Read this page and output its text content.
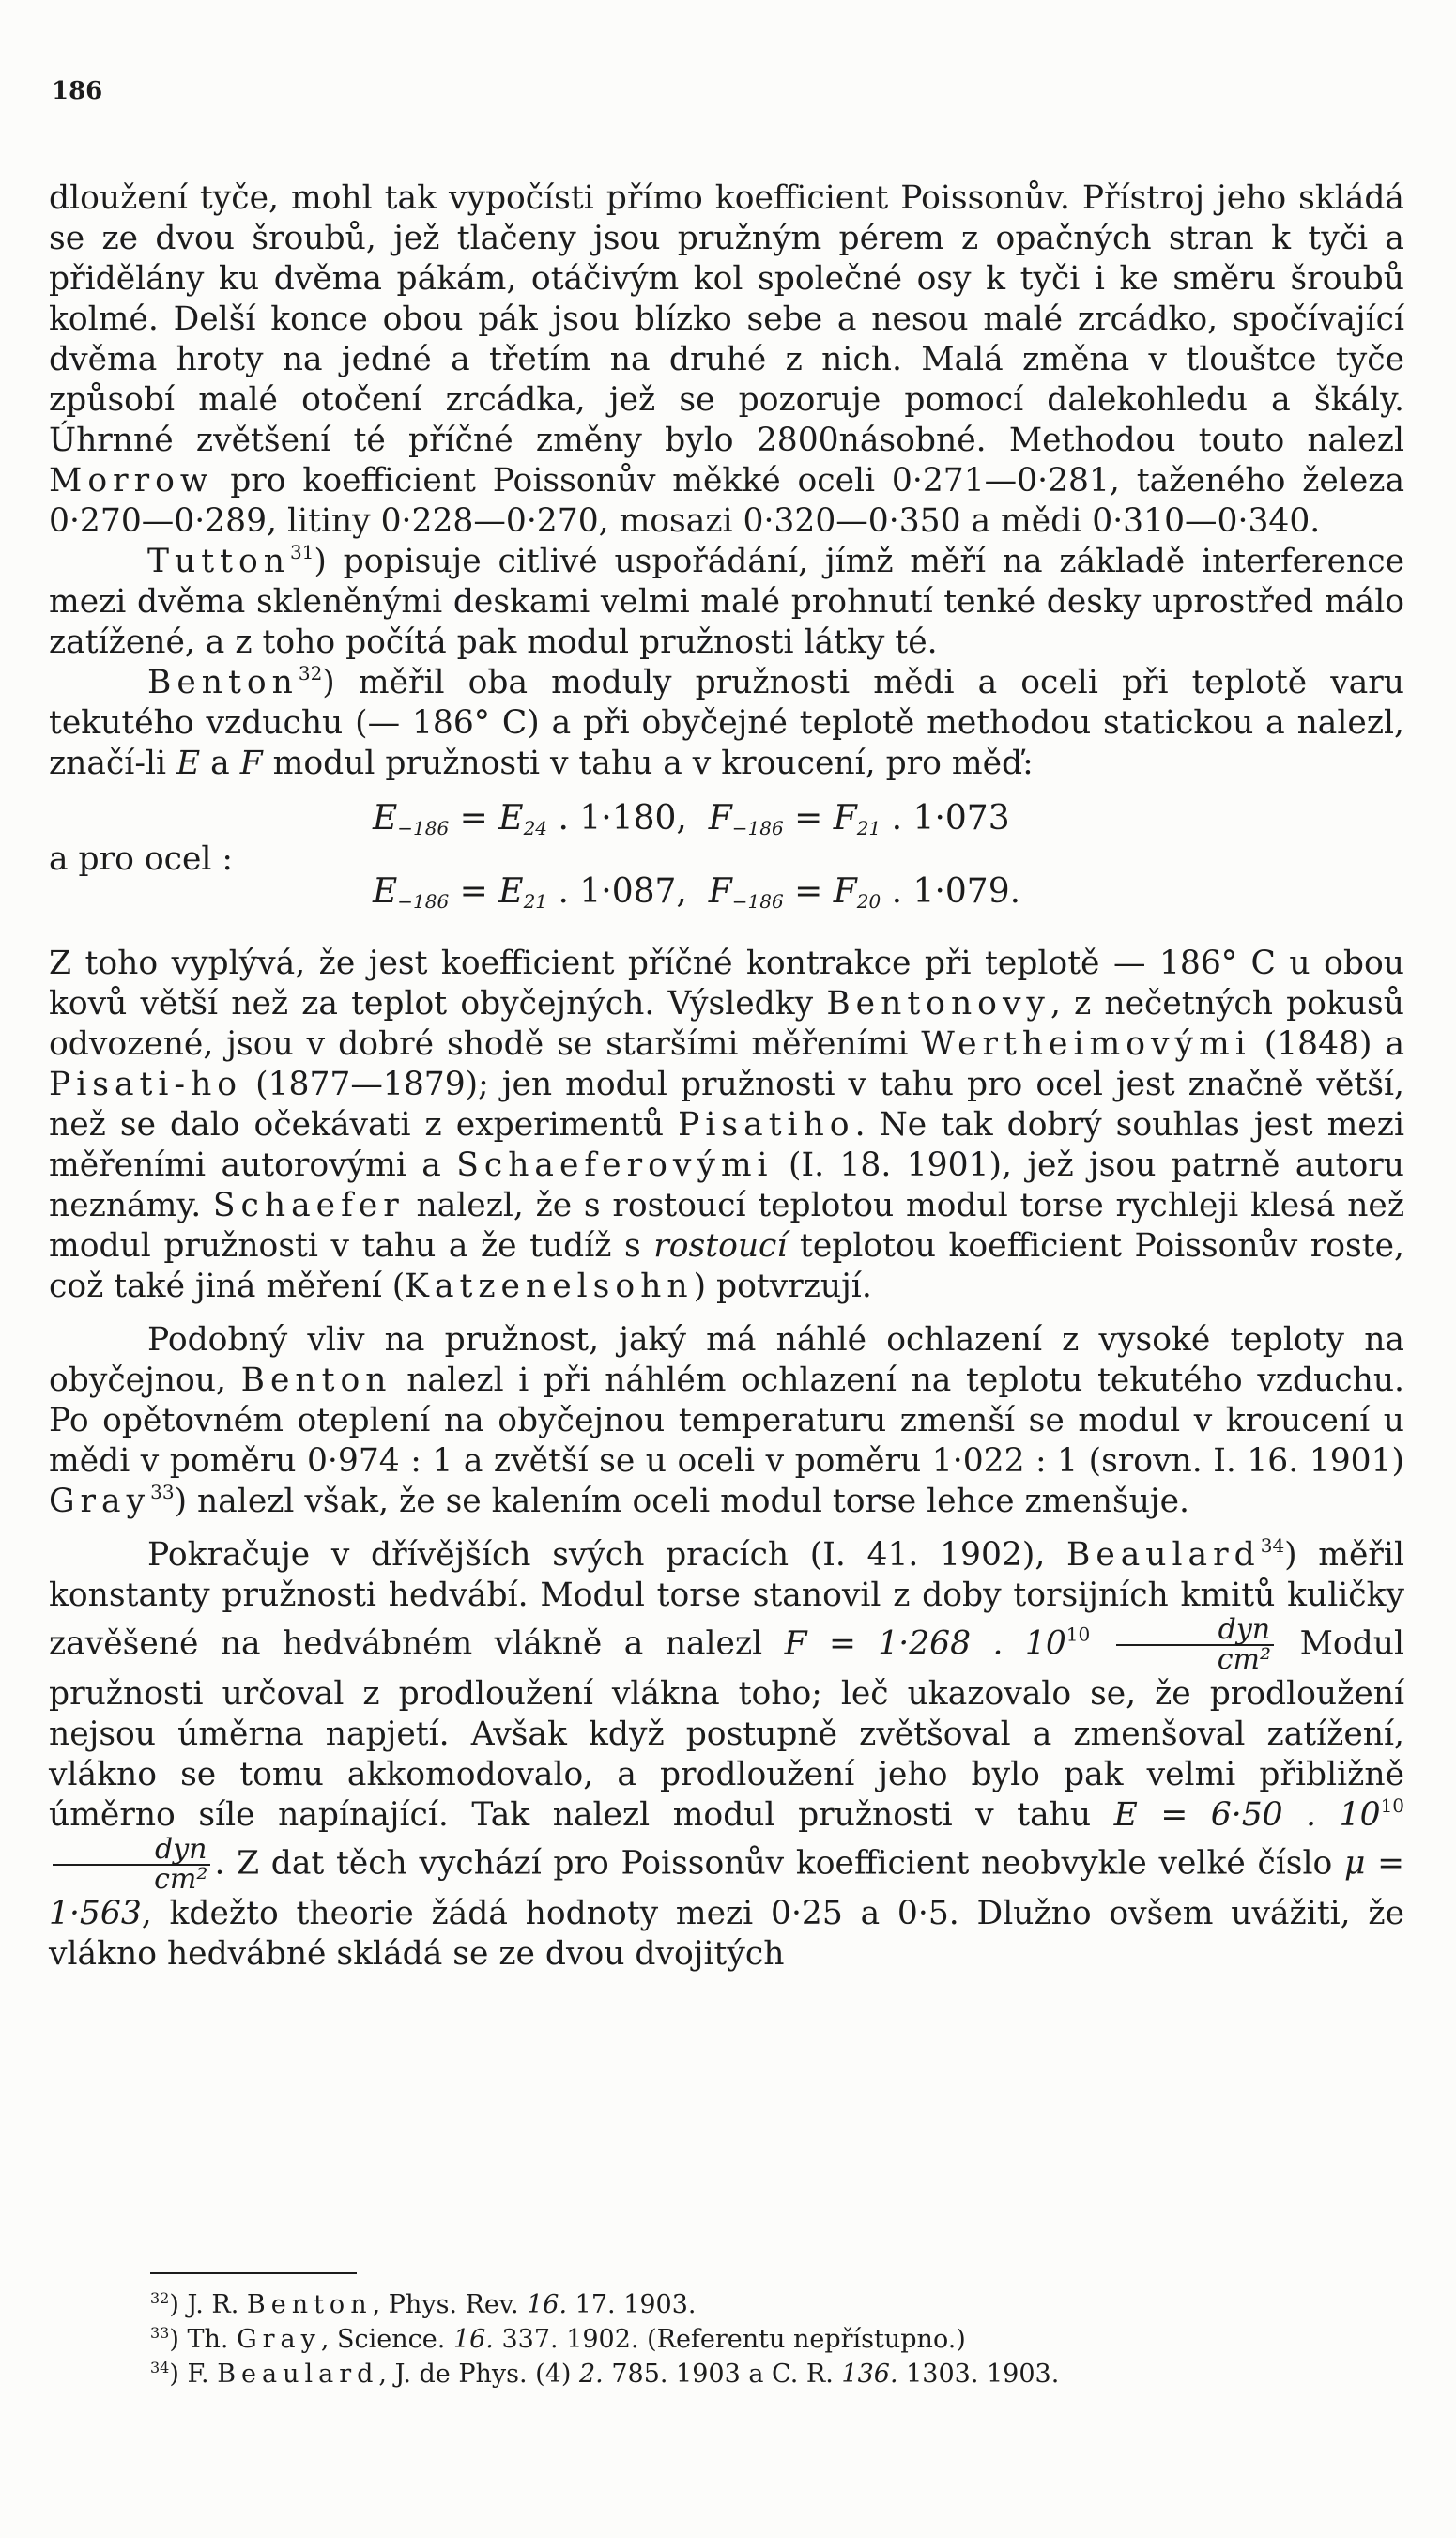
186

dloužení tyče, mohl tak vypočísti přímo koefficient Poissonův. Přístroj jeho skládá se ze dvou šroubů, jež tlačeny jsou pružným pérem z opačných stran k tyči a přidělány ku dvěma pákám, otáčivým kol společné osy k tyči i ke směru šroubů kolmé. Delší konce obou pák jsou blízko sebe a nesou malé zrcádko, spočívající dvěma hroty na jedné a třetím na druhé z nich. Malá změna v tlouštce tyče způsobí malé otočení zrcádka, jež se pozoruje pomocí dalekohledu a škály. Úhrnné zvětšení té příčné změny bylo 2800násobné. Methodou touto nalezl Morrow pro koefficient Poissonův měkké oceli 0·271—0·281, taženého železa 0·270—0·289, litiny 0·228—0·270, mosazi 0·320—0·350 a mědi 0·310—0·340.

Tutton$^{31}$) popisuje citlivé uspořádání, jímž měří na základě interference mezi dvěma skleněnými deskami velmi malé prohnutí tenké desky uprostřed málo zatížené, a z toho počítá pak modul pružnosti látky té.

Benton$^{32}$) měřil oba moduly pružnosti mědi a oceli při teplotě varu tekutého vzduchu (— 186° C) a při obyčejné teplotě methodou statickou a nalezl, značí-li E a F modul pružnosti v tahu a v kroucení, pro měď:

$E_{-186} = E_{24}$ . 1·180, $F_{-186} = F_{21}$ . 1·073
a pro ocel :
$E_{-186} = E_{21}$ . 1·087, $F_{-186} = F_{20}$ . 1·079.

Z toho vyplývá, že jest koefficient příčné kontrakce při teplotě — 186° C u obou kovů větší než za teplot obyčejných. Výsledky Bentonovy, z nečetných pokusů odvozené, jsou v dobré shodě se staršími měřeními Wertheimovými (1848) a Pisati-ho (1877—1879); jen modul pružnosti v tahu pro ocel jest značně větší, než se dalo očekávati z experimentů Pisatiho. Ne tak dobrý souhlas jest mezi měřeními autorovými a Schaeferovými (I. 18. 1901), jež jsou patrně autoru neznámy. Schaefer nalezl, že s rostoucí teplotou modul torse rychleji klesá než modul pružnosti v tahu a že tudíž s rostoucí teplotou koefficient Poissonův roste, což také jiná měření (Katzenelsohn) potvrzují.

Podobný vliv na pružnost, jaký má náhlé ochlazení z vysoké teploty na obyčejnou, Benton nalezl i při náhlém ochlazení na teplotu tekutého vzduchu. Po opětovném oteplení na obyčejnou temperaturu zmenší se modul v kroucení u mědi v poměru 0·974 : 1 a zvětší se u oceli v poměru 1·022 : 1 (srovn. I. 16. 1901) Gray$^{33}$) nalezl však, že se kalením oceli modul torse lehce zmenšuje.

Pokračuje v dřívějších svých pracích (I. 41. 1902), Beaulard$^{34}$) měřil konstanty pružnosti hedvábí. Modul torse stanovil z doby torsijních kmitů kuličky zavěšené na hedvábném vlákně a nalezl F = 1·268 . $10^{10} \frac{\text{dyn}}{\text{cm²}}$ Modul pružnosti určoval z prodloužení vlákna toho; leč ukazovalo se, že prodloužení nejsou úměrna napjetí. Avšak když postupně zvětšoval a zmenšoval zatížení, vlákno se tomu akkomodovalo, a prodloužení jeho bylo pak velmi přibližně úměrno síle napínající. Tak nalezl modul pružnosti v tahu E = 6·50 . $10^{10}$
$\frac{\text{dyn}}{\text{cm²}}$ . Z dat těch vychází pro Poissonův koefficient neobvykle velké číslo μ = 1·563, kdežto theorie žádá hodnoty mezi 0·25 a 0·5. Dlužno ovšem uvážiti, že vlákno hedvábné skládá se ze dvou dvojitých

$^{32}$) J. R. Benton, Phys. Rev. 16. 17. 1903.

$^{33}$) Th. Gray, Science. 16. 337. 1902. (Referentu nepřístupno.)

$^{34}$) F. Beaulard, J. de Phys. (4) 2. 785. 1903 a C. R. 136. 1303. 1903.
